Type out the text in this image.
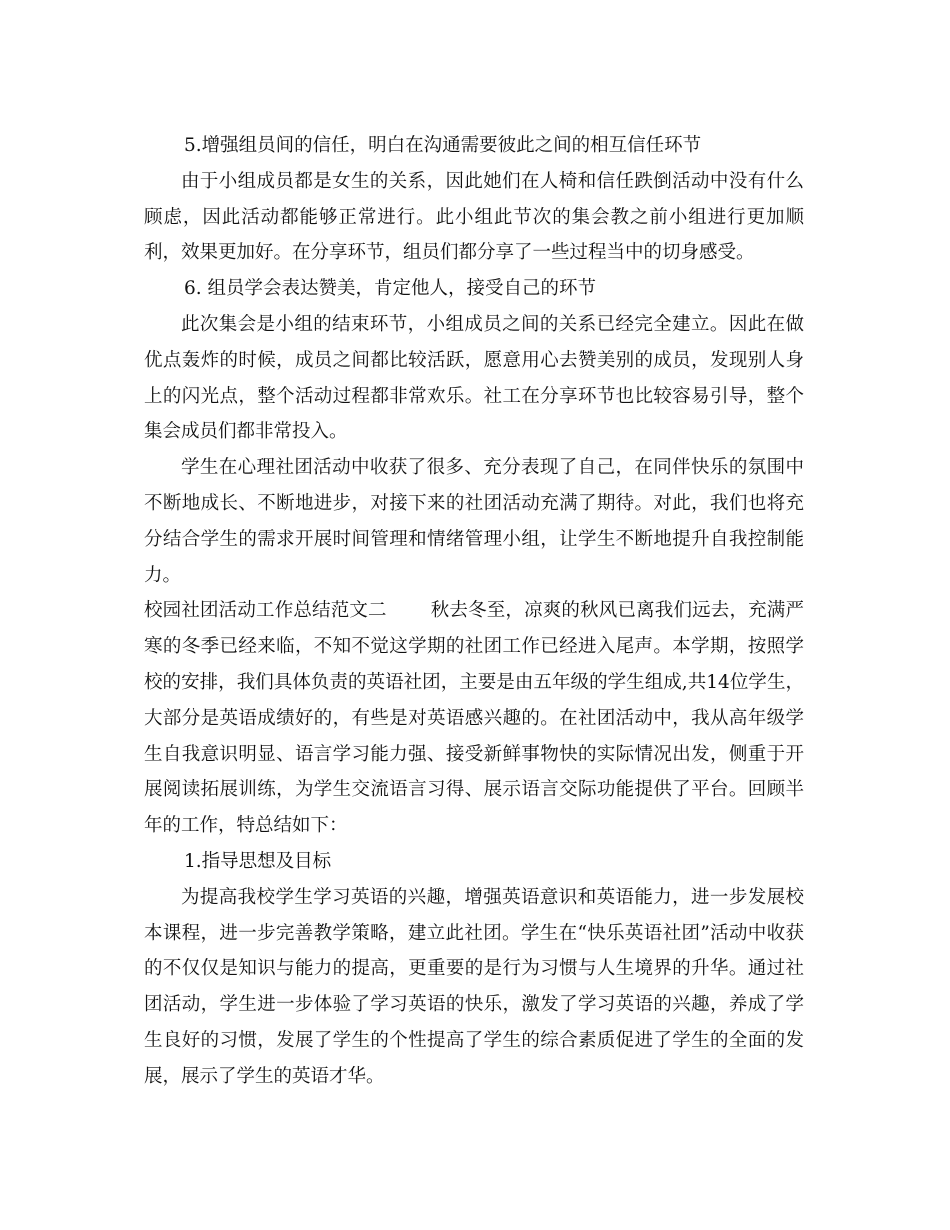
5.增强组员间的信任，明白在沟通需要彼此之间的相互信任环节

由于小组成员都是女生的关系，因此她们在人椅和信任跌倒活动中没有什么顾虑，因此活动都能够正常进行。此小组此节次的集会教之前小组进行更加顺利，效果更加好。在分享环节，组员们都分享了一些过程当中的切身感受。

6. 组员学会表达赞美，肯定他人，接受自己的环节

此次集会是小组的结束环节，小组成员之间的关系已经完全建立。因此在做优点轰炸的时候，成员之间都比较活跃，愿意用心去赞美别的成员，发现别人身上的闪光点，整个活动过程都非常欢乐。社工在分享环节也比较容易引导，整个集会成员们都非常投入。

学生在心理社团活动中收获了很多、充分表现了自己，在同伴快乐的氛围中不断地成长、不断地进步，对接下来的社团活动充满了期待。对此，我们也将充分结合学生的需求开展时间管理和情绪管理小组，让学生不断地提升自我控制能力。

校园社团活动工作总结范文二 秋去冬至，凉爽的秋风已离我们远去，充满严寒的冬季已经来临，不知不觉这学期的社团工作已经进入尾声。本学期，按照学校的安排，我们具体负责的英语社团，主要是由五年级的学生组成,共14位学生，大部分是英语成绩好的，有些是对英语感兴趣的。在社团活动中，我从高年级学生自我意识明显、语言学习能力强、接受新鲜事物快的实际情况出发，侧重于开展阅读拓展训练，为学生交流语言习得、展示语言交际功能提供了平台。回顾半年的工作，特总结如下：

1.指导思想及目标

为提高我校学生学习英语的兴趣，增强英语意识和英语能力，进一步发展校本课程，进一步完善教学策略，建立此社团。学生在“快乐英语社团”活动中收获的不仅仅是知识与能力的提高，更重要的是行为习惯与人生境界的升华。通过社团活动，学生进一步体验了学习英语的快乐，激发了学习英语的兴趣，养成了学生良好的习惯，发展了学生的个性提高了学生的综合素质促进了学生的全面的发展，展示了学生的英语才华。
